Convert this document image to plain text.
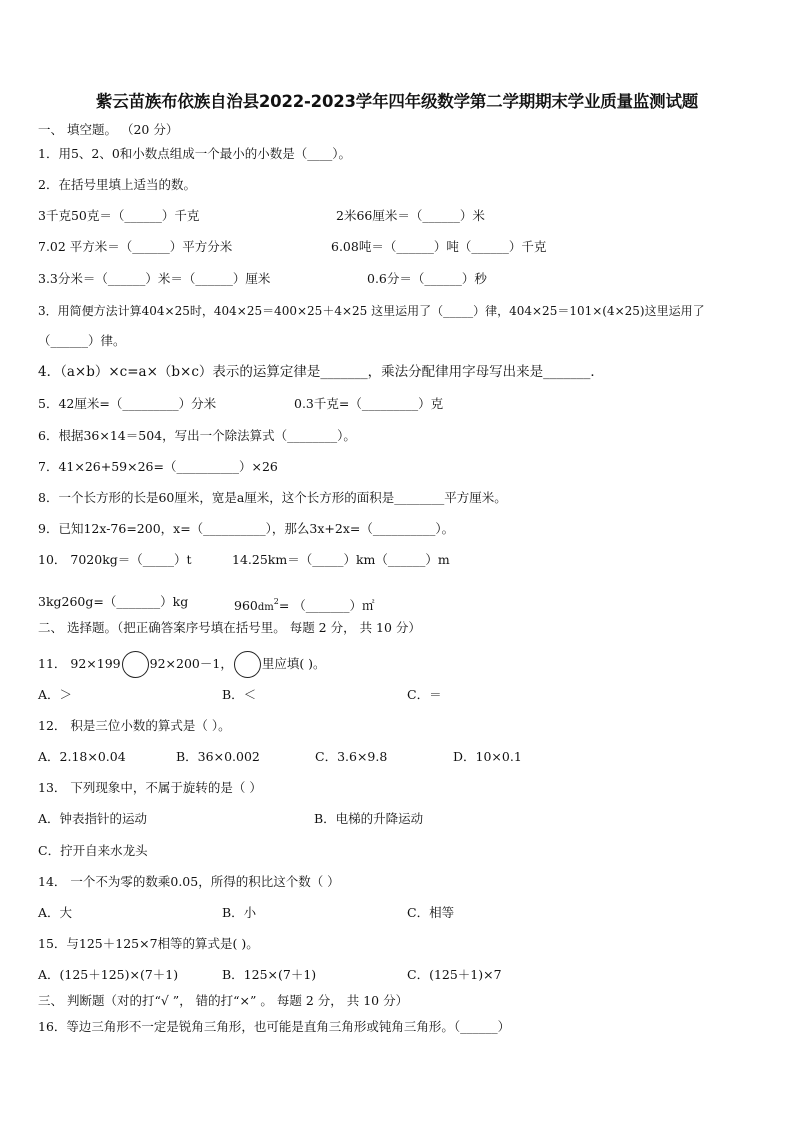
紫云苗族布依族自治县2022-2023学年四年级数学第二学期期末学业质量监测试题
一、 填空题。 （20 分）
1．用5、2、0和小数点组成一个最小的小数是（____）。
2．在括号里填上适当的数。
3千克50克＝（______）千克	2米66厘米＝（______）米
7.02 平方米＝（______）平方分米	6.08吨＝（______）吨（______）千克
3.3分米＝（______）米＝（______）厘米	0.6分＝（______）秒
3．用简便方法计算404×25时，404×25＝400×25＋4×25 这里运用了（_____）律，404×25＝101×(4×25)这里运用了
（______）律。
4．（a×b）×c=a×（b×c）表示的运算定律是_______，乘法分配律用字母写出来是_______．
5．42厘米=（_________）分米	0.3千克=（_________）克
6．根据36×14＝504，写出一个除法算式（________）。
7．41×26+59×26=（__________）×26
8．一个长方形的长是60厘米，宽是a厘米，这个长方形的面积是________平方厘米。
9．已知12x-76=200，x=（__________），那么3x+2x=（__________）。
10． 7020kg＝（_____）t	14.25km＝（_____）km（______）m
3kg260g=（_______）kg	$960dm^2=$ （_______）㎡
二、 选择题。（把正确答案序号填在括号里。 每题 2 分， 共 10 分）
11． 92×199 92×200－1， 里应填( )。
A．＞	B．＜	C．＝
12． 积是三位小数的算式是（ ）。
A．2.18×0.04	B．36×0.002	C．3.6×9.8	D．10×0.1
13． 下列现象中，不属于旋转的是（ ）
A．钟表指针的运动	B．电梯的升降运动
C．拧开自来水龙头
14． 一个不为零的数乘0.05，所得的积比这个数（ ）
A．大	B．小	C．相等
15．与125＋125×7相等的算式是( )。
A．(125＋125)×(7＋1)	B．125×(7＋1)	C．(125＋1)×7
三、 判断题（对的打“√ ”， 错的打“×” 。 每题 2 分， 共 10 分）
16．等边三角形不一定是锐角三角形，也可能是直角三角形或钝角三角形。（______）
